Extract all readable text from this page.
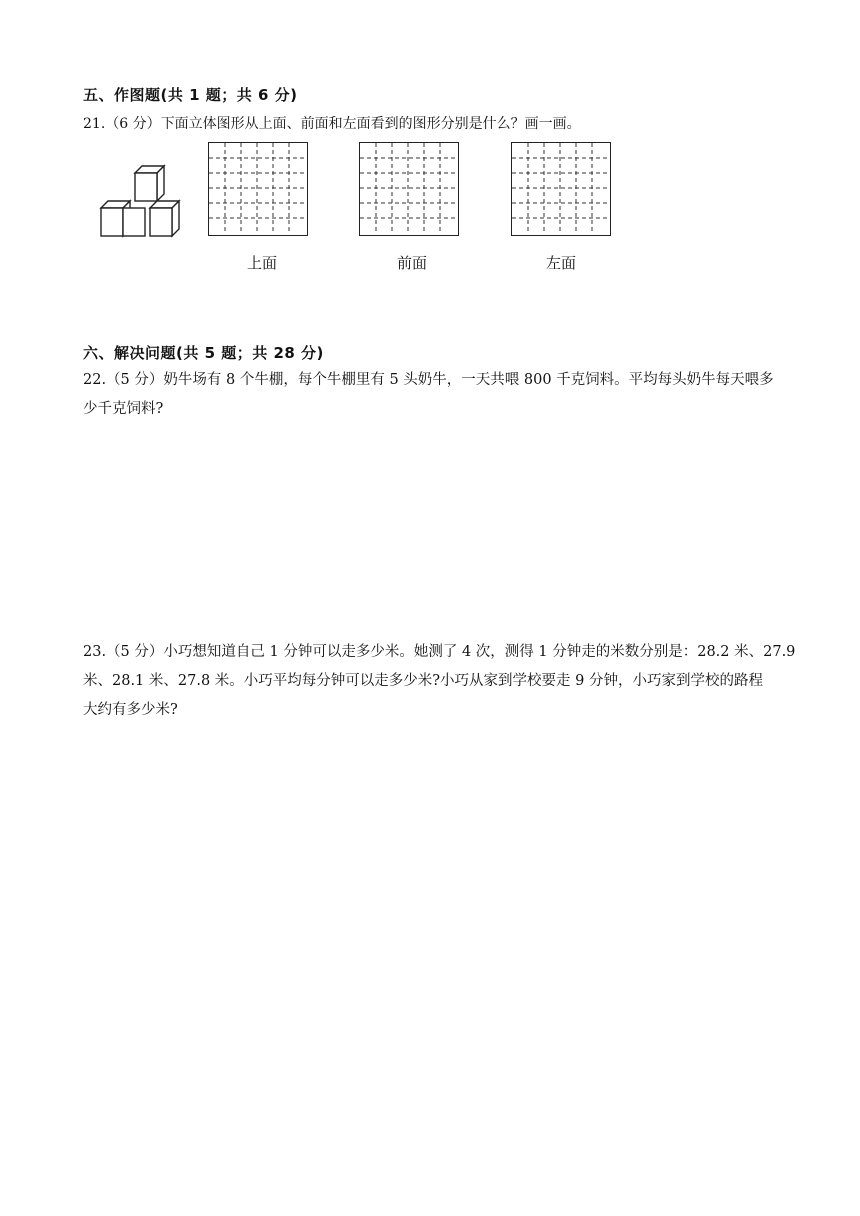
五、作图题(共 1 题；共 6 分)
21.（6 分）下面立体图形从上面、前面和左面看到的图形分别是什么？画一画。
上面	前面	左面
六、解决问题(共 5 题；共 28 分)
22.（5 分）奶牛场有 8 个牛棚，每个牛棚里有 5 头奶牛，一天共喂 800 千克饲料。平均每头奶牛每天喂多
少千克饲料?
23.（5 分）小巧想知道自己 1 分钟可以走多少米。她测了 4 次，测得 1 分钟走的米数分别是：28.2 米、27.9
米、28.1 米、27.8 米。小巧平均每分钟可以走多少米?小巧从家到学校要走 9 分钟，小巧家到学校的路程
大约有多少米?
